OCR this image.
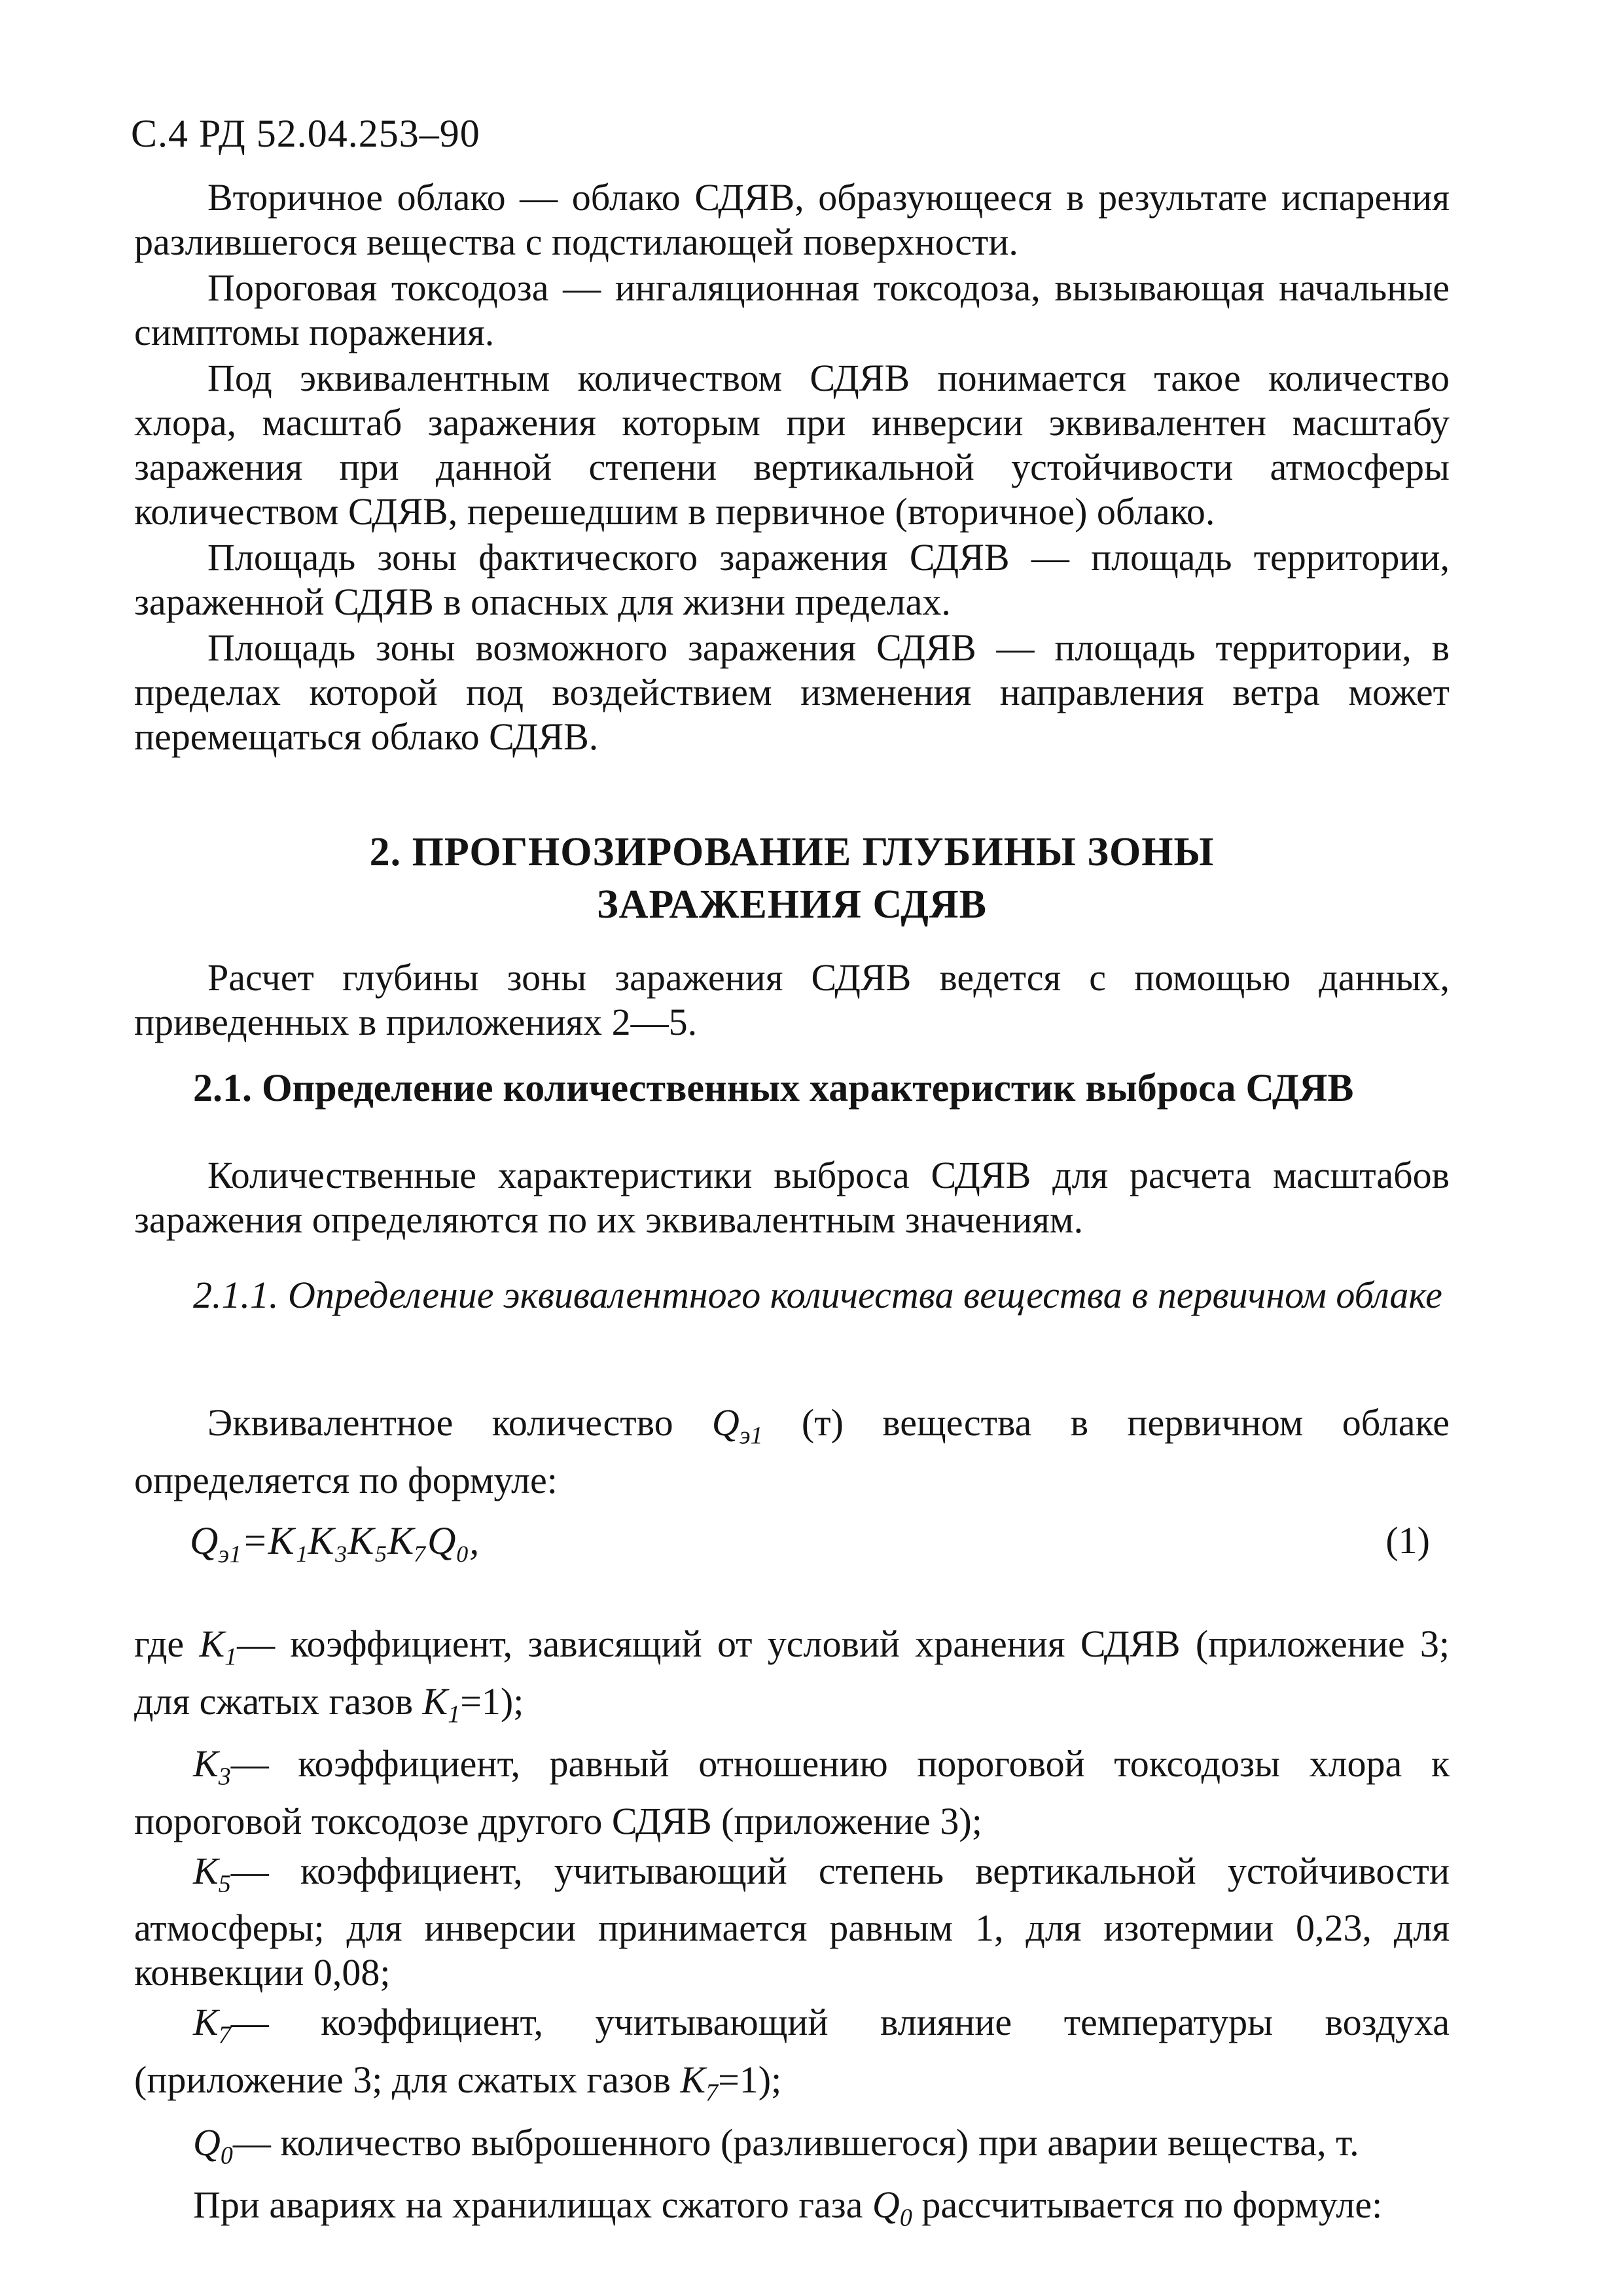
С.4 РД 52.04.253–90

Вторичное облако — облако СДЯВ, образующееся в результате испарения разлившегося вещества с подстилающей поверхности.

Пороговая токсодоза — ингаляционная токсодоза, вызывающая начальные симптомы поражения.

Под эквивалентным количеством СДЯВ понимается такое количество хлора, масштаб заражения которым при инверсии эквивалентен масштабу заражения при данной степени вертикальной устойчивости атмосферы количеством СДЯВ, перешедшим в первичное (вторичное) облако.

Площадь зоны фактического заражения СДЯВ — площадь территории, зараженной СДЯВ в опасных для жизни пределах.

Площадь зоны возможного заражения СДЯВ — площадь территории, в пределах которой под воздействием изменения направления ветра может перемещаться облако СДЯВ.

2. ПРОГНОЗИРОВАНИЕ ГЛУБИНЫ ЗОНЫ
ЗАРАЖЕНИЯ СДЯВ

Расчет глубины зоны заражения СДЯВ ведется с помощью данных, приведенных в приложениях 2—5.

2.1. Определение количественных характеристик выброса СДЯВ

Количественные характеристики выброса СДЯВ для расчета масштабов заражения определяются по их эквивалентным значениям.

2.1.1. Определение эквивалентного количества вещества в первичном облаке

Эквивалентное количество $Q_{э1}$ (т) вещества в первичном облаке определяется по формуле:

$Q_{э1}=K_1K_3K_5K_7Q_0$,	(1)

где $K_1—$ коэффициент, зависящий от условий хранения СДЯВ (приложение 3; для сжатых газов $K_1=1$);

$K_3—$ коэффициент, равный отношению пороговой токсодозы хлора к пороговой токсодозе другого СДЯВ (приложение 3);

$K_5—$ коэффициент, учитывающий степень вертикальной устойчивости атмосферы; для инверсии принимается равным 1, для изотермии 0,23, для конвекции 0,08;

$K_7—$ коэффициент, учитывающий влияние температуры воздуха (приложение 3; для сжатых газов $K_7=1$);

$Q_0—$ количество выброшенного (разлившегося) при аварии вещества, т.

При авариях на хранилищах сжатого газа $Q_0$ рассчитывается по формуле:
